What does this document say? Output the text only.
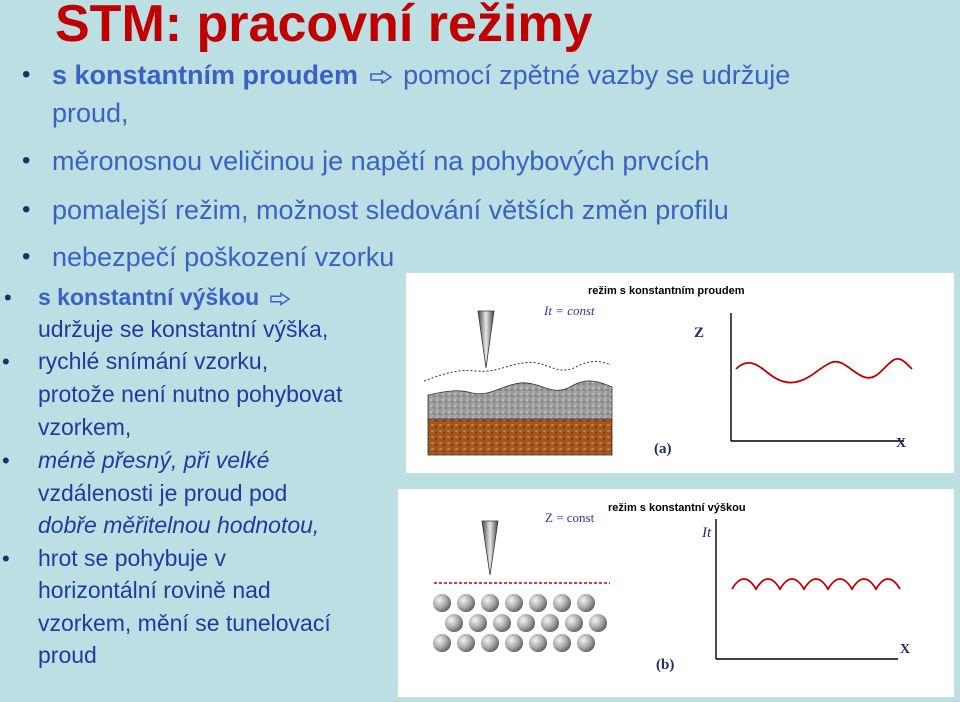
STM: pracovní režimy
• s konstantním proudem pomocí zpětné vazby se udržuje
proud,
• měronosnou veličinou je napětí na pohybových prvcích
• pomalejší režim, možnost sledování větších změn profilu
• nebezpečí poškození vzorku
• s konstantní výškou
udržuje se konstantní výška,
• rychlé snímání vzorku,
protože není nutno pohybovat
vzorkem,
• méně přesný, při velké
vzdálenosti je proud pod
dobře měřitelnou hodnotou,
• hrot se pohybuje v
horizontální rovině nad
vzorkem, mění se tunelovací
proud
režim s konstantním proudem
It = const
Z
X
(a)
režim s konstantní výškou
Z = const
It
X
(b)
